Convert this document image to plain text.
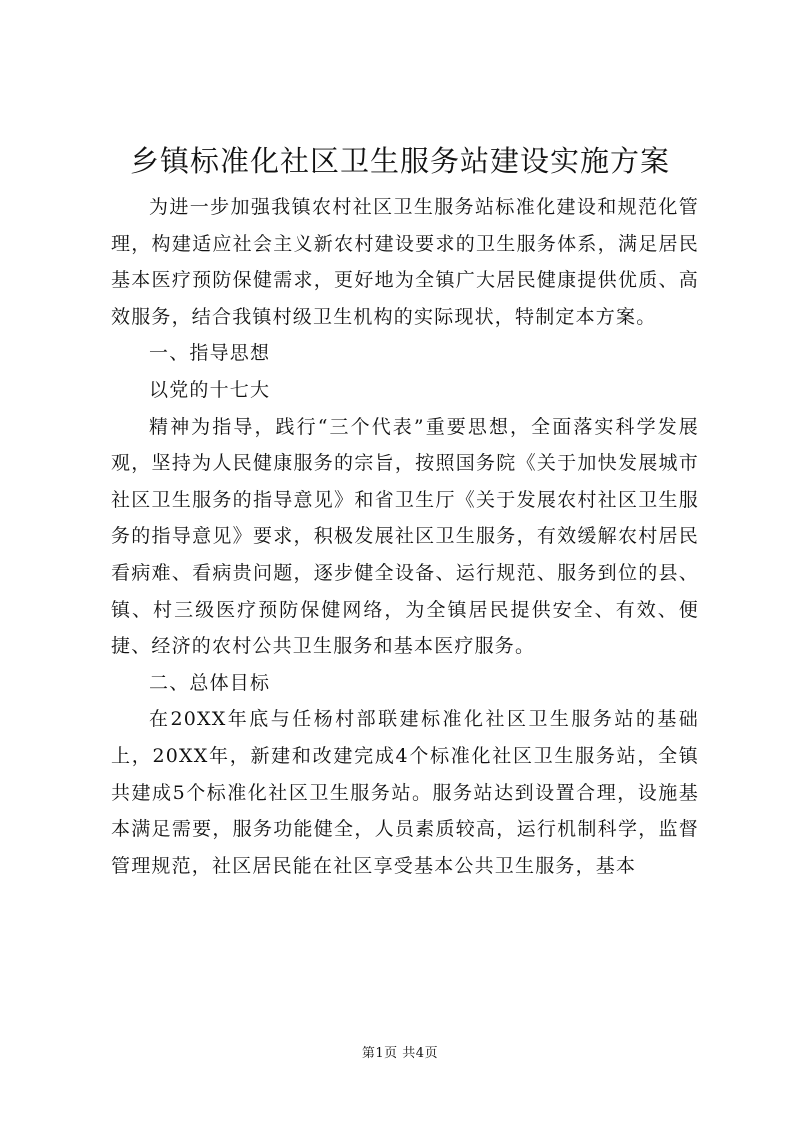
乡镇标准化社区卫生服务站建设实施方案

为进一步加强我镇农村社区卫生服务站标准化建设和规范化管理，构建适应社会主义新农村建设要求的卫生服务体系，满足居民基本医疗预防保健需求，更好地为全镇广大居民健康提供优质、高效服务，结合我镇村级卫生机构的实际现状，特制定本方案。

一、指导思想

以党的十七大

精神为指导，践行“三个代表”重要思想，全面落实科学发展观，坚持为人民健康服务的宗旨，按照国务院《关于加快发展城市社区卫生服务的指导意见》和省卫生厅《关于发展农村社区卫生服务的指导意见》要求，积极发展社区卫生服务，有效缓解农村居民看病难、看病贵问题，逐步健全设备、运行规范、服务到位的县、镇、村三级医疗预防保健网络，为全镇居民提供安全、有效、便捷、经济的农村公共卫生服务和基本医疗服务。

二、总体目标

在20XX年底与任杨村部联建标准化社区卫生服务站的基础上，20XX年，新建和改建完成4个标准化社区卫生服务站，全镇共建成5个标准化社区卫生服务站。服务站达到设置合理，设施基本满足需要，服务功能健全，人员素质较高，运行机制科学，监督管理规范，社区居民能在社区享受基本公共卫生服务，基本

第1页 共4页
